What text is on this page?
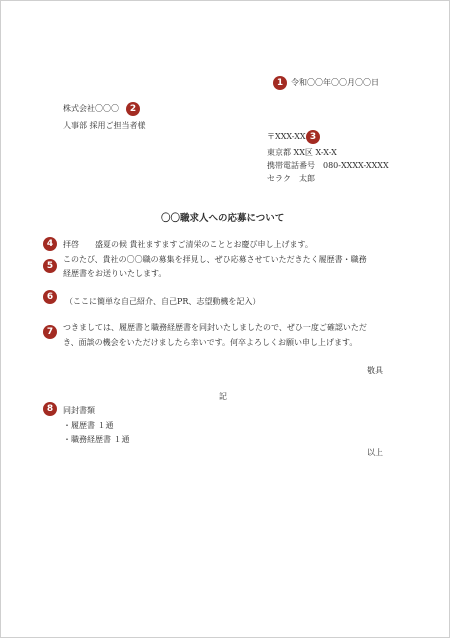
1 令和〇〇年〇〇月〇〇日
株式会社〇〇〇	2
人事部 採用ご担当者様
〒XXX-XX 3
東京都 XX区 X-X-X
携帯電話番号　080-XXXX-XXXX
セラク　太郎
〇〇職求人への応募について
4	拝啓　　盛夏の候 貴社ますますご清栄のこととお慶び申し上げます。
5
このたび、貴社の〇〇職の募集を拝見し、ぜひ応募させていただきたく履歴書・職務
経歴書をお送りいたします。
6	（ここに簡単な自己紹介、自己PR、志望動機を記入）
7	つきましては、履歴書と職務経歴書を同封いたしましたので、ぜひ一度ご確認いただ
き、面談の機会をいただけましたら幸いです。何卒よろしくお願い申し上げます。
敬具
記
8	同封書類
・履歴書 １通
・職務経歴書 １通
以上
